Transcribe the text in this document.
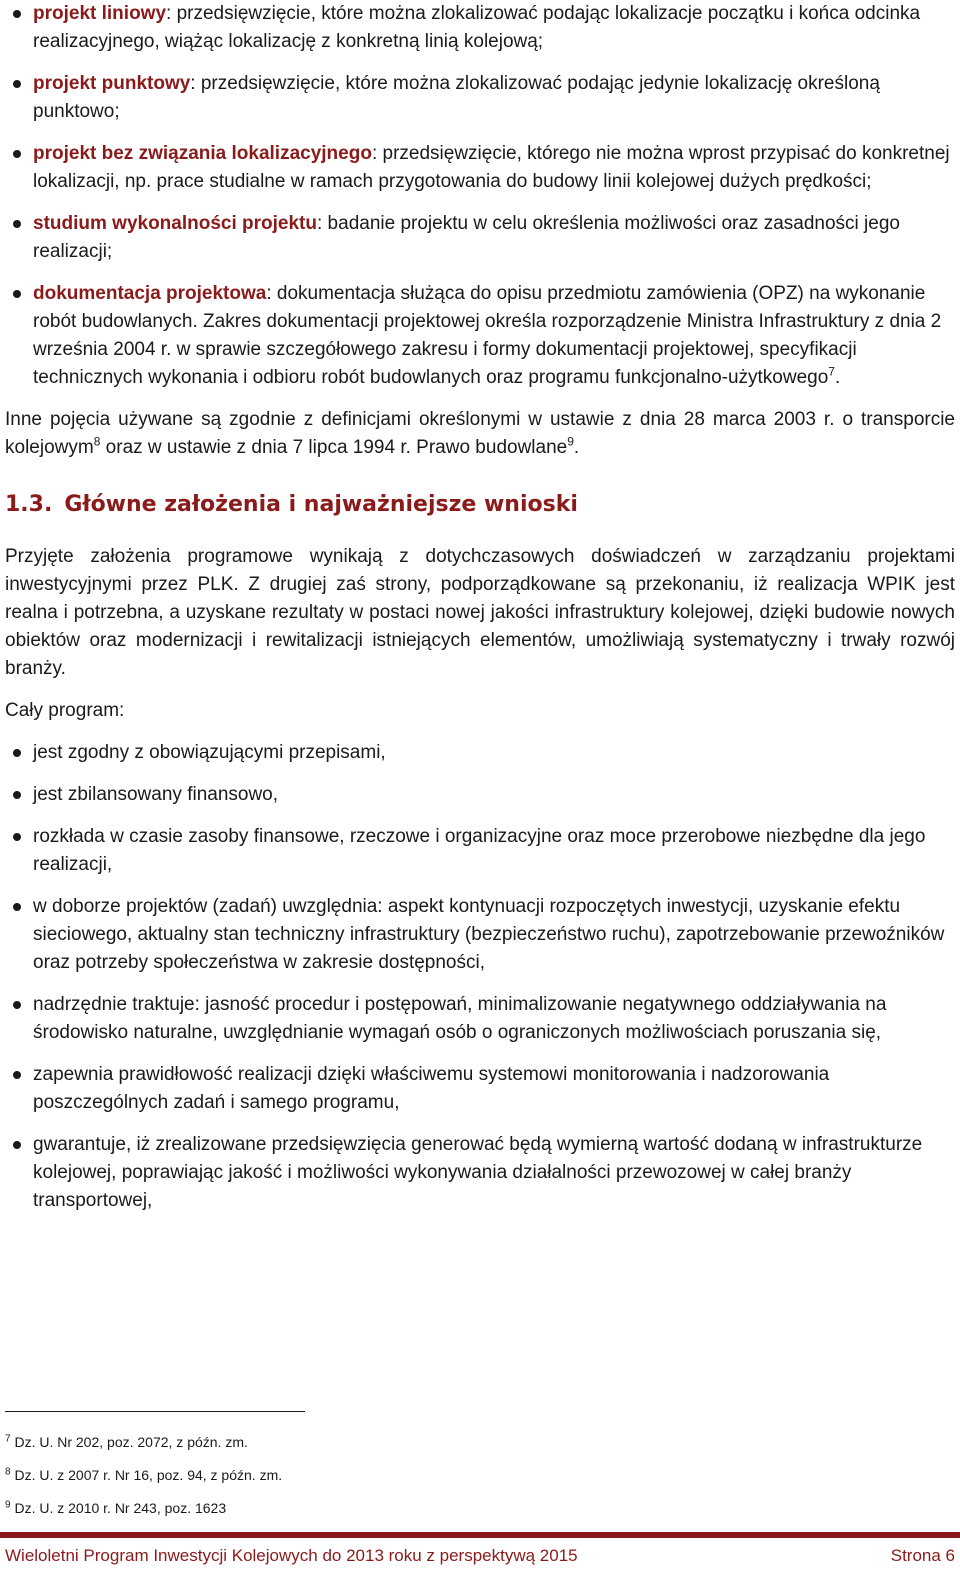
projekt liniowy: przedsięwzięcie, które można zlokalizować podając lokalizacje początku i końca odcinka realizacyjnego, wiążąc lokalizację z konkretną linią kolejową;
projekt punktowy: przedsięwzięcie, które można zlokalizować podając jedynie lokalizację określoną punktowo;
projekt bez związania lokalizacyjnego: przedsięwzięcie, którego nie można wprost przypisać do konkretnej lokalizacji, np. prace studialne w ramach przygotowania do budowy linii kolejowej dużych prędkości;
studium wykonalności projektu: badanie projektu w celu określenia możliwości oraz zasadności jego realizacji;
dokumentacja projektowa: dokumentacja służąca do opisu przedmiotu zamówienia (OPZ) na wykonanie robót budowlanych. Zakres dokumentacji projektowej określa rozporządzenie Ministra Infrastruktury z dnia 2 września 2004 r. w sprawie szczegółowego zakresu i formy dokumentacji projektowej, specyfikacji technicznych wykonania i odbioru robót budowlanych oraz programu funkcjonalno-użytkowego$^7$.

Inne pojęcia używane są zgodnie z definicjami określonymi w ustawie z dnia 28 marca 2003 r. o transporcie kolejowym$^8$ oraz w ustawie z dnia 7 lipca 1994 r. Prawo budowlane$^9$.

1.3. Główne założenia i najważniejsze wnioski

Przyjęte założenia programowe wynikają z dotychczasowych doświadczeń w zarządzaniu projektami inwestycyjnymi przez PLK. Z drugiej zaś strony, podporządkowane są przekonaniu, iż realizacja WPIK jest realna i potrzebna, a uzyskane rezultaty w postaci nowej jakości infrastruktury kolejowej, dzięki budowie nowych obiektów oraz modernizacji i rewitalizacji istniejących elementów, umożliwiają systematyczny i trwały rozwój branży.

Cały program:

jest zgodny z obowiązującymi przepisami,
jest zbilansowany finansowo,
rozkłada w czasie zasoby finansowe, rzeczowe i organizacyjne oraz moce przerobowe niezbędne dla jego realizacji,
w doborze projektów (zadań) uwzględnia: aspekt kontynuacji rozpoczętych inwestycji, uzyskanie efektu sieciowego, aktualny stan techniczny infrastruktury (bezpieczeństwo ruchu), zapotrzebowanie przewoźników oraz potrzeby społeczeństwa w zakresie dostępności,
nadrzędnie traktuje: jasność procedur i postępowań, minimalizowanie negatywnego oddziaływania na środowisko naturalne, uwzględnianie wymagań osób o ograniczonych możliwościach poruszania się,
zapewnia prawidłowość realizacji dzięki właściwemu systemowi monitorowania i nadzorowania poszczególnych zadań i samego programu,
gwarantuje, iż zrealizowane przedsięwzięcia generować będą wymierną wartość dodaną w infrastrukturze kolejowej, poprawiając jakość i możliwości wykonywania działalności przewozowej w całej branży transportowej,
$^7$ Dz. U. Nr 202, poz. 2072, z późn. zm.
$^8$ Dz. U. z 2007 r. Nr 16, poz. 94, z późn. zm.
$^9$ Dz. U. z 2010 r. Nr 243, poz. 1623
Wieloletni Program Inwestycji Kolejowych do 2013 roku z perspektywą 2015	Strona 6
